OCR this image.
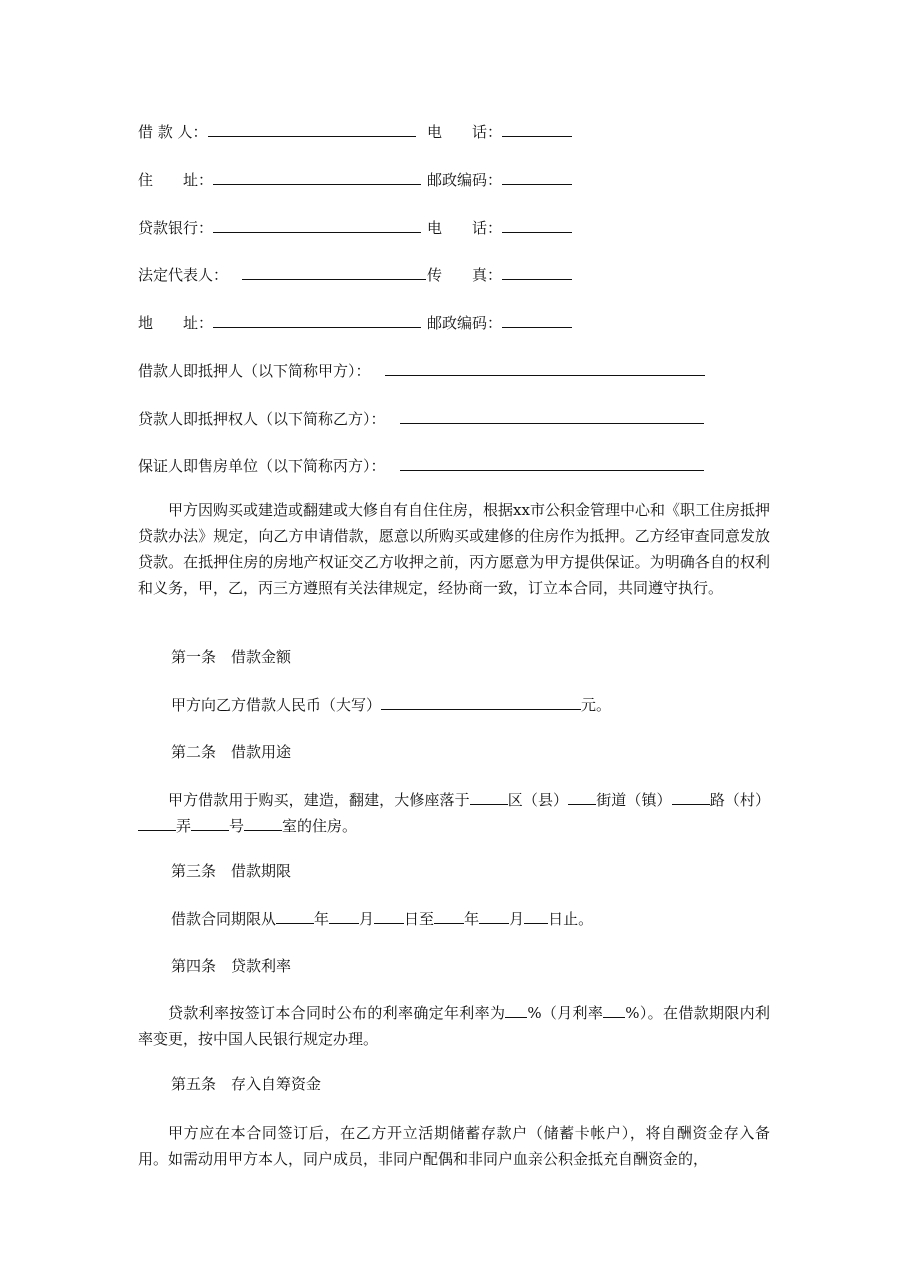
借 款 人：	电　　话：
住　　址：	邮政编码：
贷款银行：	电　　话：
法定代表人：	传　　真：
地　　址：	邮政编码：
借款人即抵押人（以下简称甲方）：
贷款人即抵押权人（以下简称乙方）：
保证人即售房单位（以下简称丙方）：

甲方因购买或建造或翻建或大修自有自住住房，根据xx市公积金管理中心和《职工住房抵押贷款办法》规定，向乙方申请借款，愿意以所购买或建修的住房作为抵押。乙方经审查同意发放贷款。在抵押住房的房地产权证交乙方收押之前，丙方愿意为甲方提供保证。为明确各自的权利和义务，甲，乙，丙三方遵照有关法律规定，经协商一致，订立本合同，共同遵守执行。

第一条　借款金额
甲方向乙方借款人民币（大写）	元。
第二条　借款用途

甲方借款用于购买，建造，翻建，大修座落于	区（县） 街道（镇）	路（村）弄	号	室的住房。

第三条　借款期限
借款合同期限从	年 月 日至 年 月 日止。
第四条　贷款利率

贷款利率按签订本合同时公布的利率确定年利率为 %（月利率 %）。在借款期限内利率变更，按中国人民银行规定办理。

第五条　存入自筹资金

甲方应在本合同签订后，在乙方开立活期储蓄存款户（储蓄卡帐户），将自酬资金存入备用。如需动用甲方本人，同户成员，非同户配偶和非同户血亲公积金抵充自酬资金的，
